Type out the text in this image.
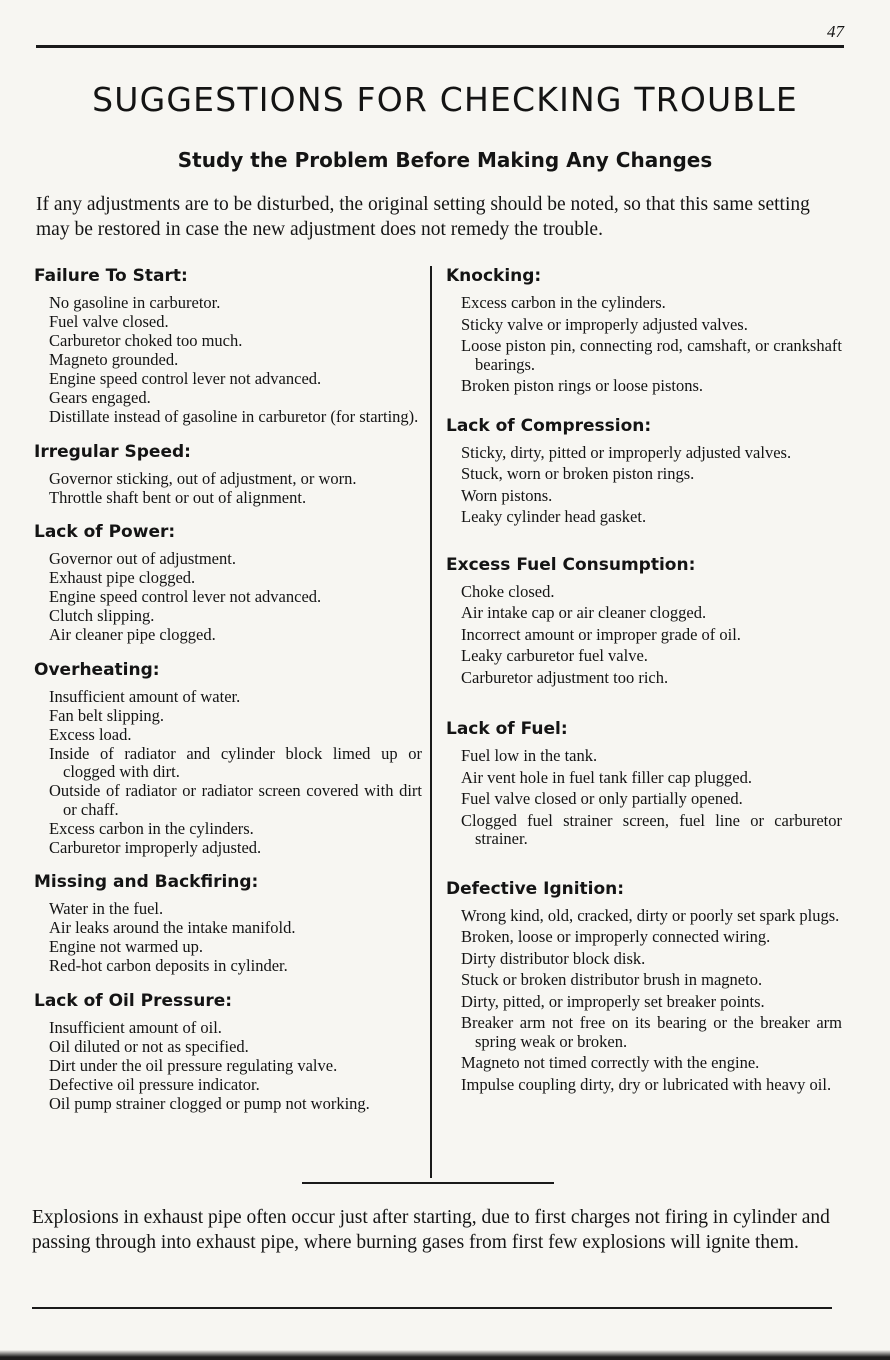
47
SUGGESTIONS FOR CHECKING TROUBLE
Study the Problem Before Making Any Changes

If any adjustments are to be disturbed, the original setting should be noted, so that this same setting may be restored in case the new adjustment does not remedy the trouble.

Failure To Start:
No gasoline in carburetor.
Fuel valve closed.
Carburetor choked too much.
Magneto grounded.
Engine speed control lever not advanced.
Gears engaged.
Distillate instead of gasoline in carburetor (for starting).
Irregular Speed:
Governor sticking, out of adjustment, or worn.
Throttle shaft bent or out of alignment.
Lack of Power:
Governor out of adjustment.
Exhaust pipe clogged.
Engine speed control lever not advanced.
Clutch slipping.
Air cleaner pipe clogged.
Overheating:
Insufficient amount of water.
Fan belt slipping.
Excess load.
Inside of radiator and cylinder block limed up or clogged with dirt.
Outside of radiator or radiator screen covered with dirt or chaff.
Excess carbon in the cylinders.
Carburetor improperly adjusted.
Missing and Backfiring:
Water in the fuel.
Air leaks around the intake manifold.
Engine not warmed up.
Red-hot carbon deposits in cylinder.
Lack of Oil Pressure:
Insufficient amount of oil.
Oil diluted or not as specified.
Dirt under the oil pressure regulating valve.
Defective oil pressure indicator.
Oil pump strainer clogged or pump not working.
Knocking:
Excess carbon in the cylinders.
Sticky valve or improperly adjusted valves.
Loose piston pin, connecting rod, camshaft, or crankshaft bearings.
Broken piston rings or loose pistons.
Lack of Compression:
Sticky, dirty, pitted or improperly adjusted valves.
Stuck, worn or broken piston rings.
Worn pistons.
Leaky cylinder head gasket.
Excess Fuel Consumption:
Choke closed.
Air intake cap or air cleaner clogged.
Incorrect amount or improper grade of oil.
Leaky carburetor fuel valve.
Carburetor adjustment too rich.
Lack of Fuel:
Fuel low in the tank.
Air vent hole in fuel tank filler cap plugged.
Fuel valve closed or only partially opened.
Clogged fuel strainer screen, fuel line or carburetor strainer.
Defective Ignition:
Wrong kind, old, cracked, dirty or poorly set spark plugs.
Broken, loose or improperly connected wiring.
Dirty distributor block disk.
Stuck or broken distributor brush in magneto.
Dirty, pitted, or improperly set breaker points.
Breaker arm not free on its bearing or the breaker arm spring weak or broken.
Magneto not timed correctly with the engine.
Impulse coupling dirty, dry or lubricated with heavy oil.

Explosions in exhaust pipe often occur just after starting, due to first charges not firing in cylinder and passing through into exhaust pipe, where burning gases from first few explosions will ignite them.
